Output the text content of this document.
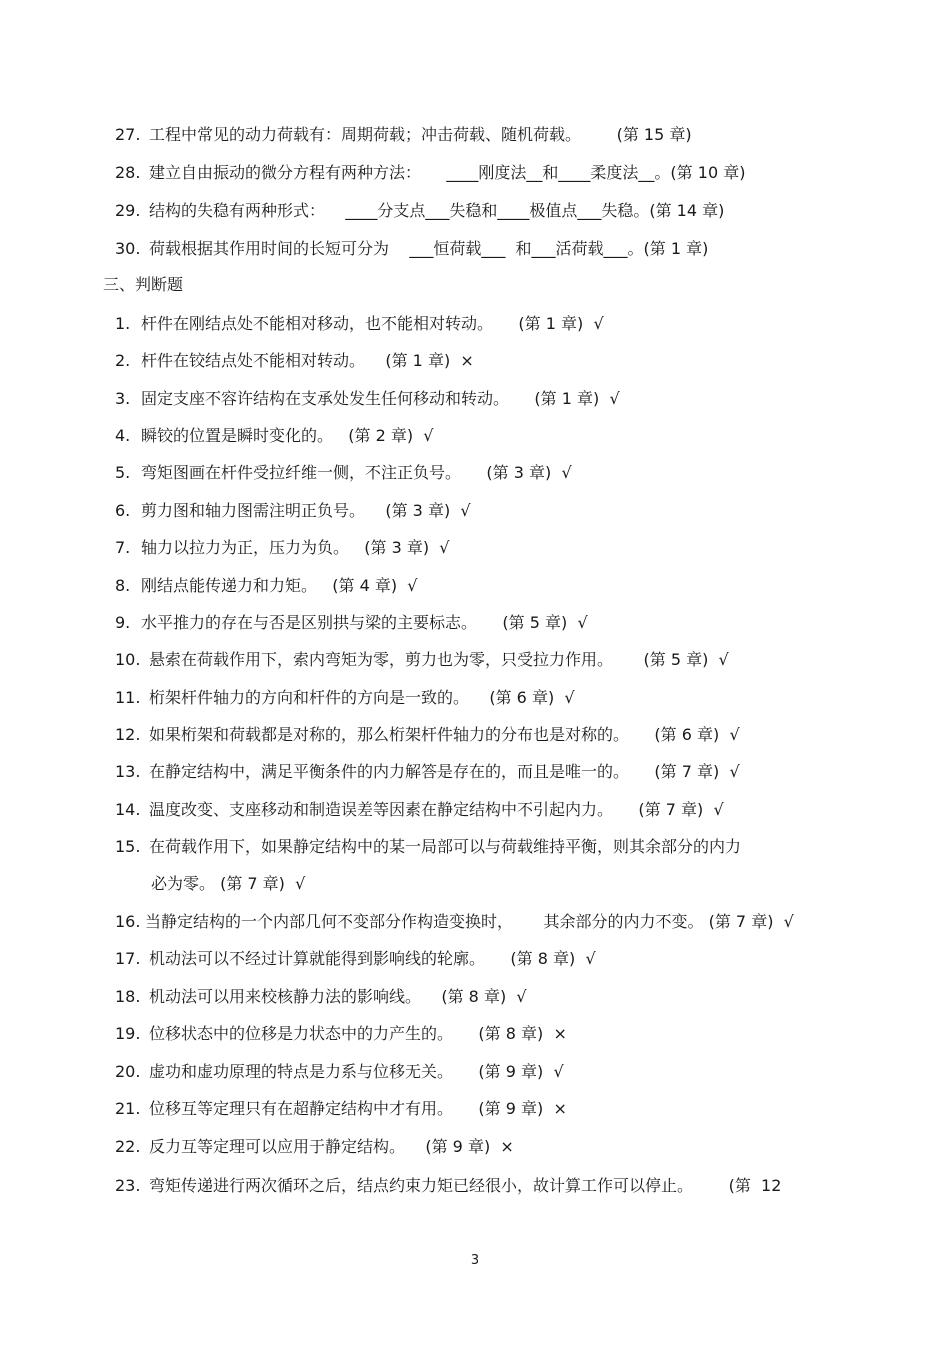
27. 工程中常见的动力荷载有：周期荷载；冲击荷载、随机荷载。       (第 15 章)
28. 建立自由振动的微分方程有两种方法：     ____刚度法__和____柔度法__。(第 10 章)
29. 结构的失稳有两种形式：    ____分支点___失稳和____极值点___失稳。(第 14 章)
30. 荷载根据其作用时间的长短可分为    ___恒荷载___  和___活荷载___。(第 1 章)
三、判断题
1. 杆件在刚结点处不能相对移动，也不能相对转动。     (第 1 章)  √
2. 杆件在铰结点处不能相对转动。    (第 1 章)  ×
3. 固定支座不容许结构在支承处发生任何移动和转动。     (第 1 章)  √
4. 瞬铰的位置是瞬时变化的。   (第 2 章)  √
5. 弯矩图画在杆件受拉纤维一侧，不注正负号。     (第 3 章)  √
6. 剪力图和轴力图需注明正负号。    (第 3 章)  √
7. 轴力以拉力为正，压力为负。   (第 3 章)  √
8. 刚结点能传递力和力矩。   (第 4 章)  √
9. 水平推力的存在与否是区别拱与梁的主要标志。     (第 5 章)  √
10. 悬索在荷载作用下，索内弯矩为零，剪力也为零，只受拉力作用。      (第 5 章)  √
11. 桁架杆件轴力的方向和杆件的方向是一致的。    (第 6 章)  √
12. 如果桁架和荷载都是对称的，那么桁架杆件轴力的分布也是对称的。     (第 6 章)  √
13. 在静定结构中，满足平衡条件的内力解答是存在的，而且是唯一的。     (第 7 章)  √
14. 温度改变、支座移动和制造误差等因素在静定结构中不引起内力。     (第 7 章)  √
15. 在荷载作用下，如果静定结构中的某一局部可以与荷载维持平衡，则其余部分的内力
必为零。 (第 7 章)  √
16. 当静定结构的一个内部几何不变部分作构造变换时，      其余部分的内力不变。 (第 7 章)  √
17. 机动法可以不经过计算就能得到影响线的轮廓。     (第 8 章)  √
18. 机动法可以用来校核静力法的影响线。    (第 8 章)  √
19. 位移状态中的位移是力状态中的力产生的。     (第 8 章)  ×
20. 虚功和虚功原理的特点是力系与位移无关。     (第 9 章)  √
21. 位移互等定理只有在超静定结构中才有用。     (第 9 章)  ×
22. 反力互等定理可以应用于静定结构。    (第 9 章)  ×
23. 弯矩传递进行两次循环之后，结点约束力矩已经很小，故计算工作可以停止。       (第  12
3
